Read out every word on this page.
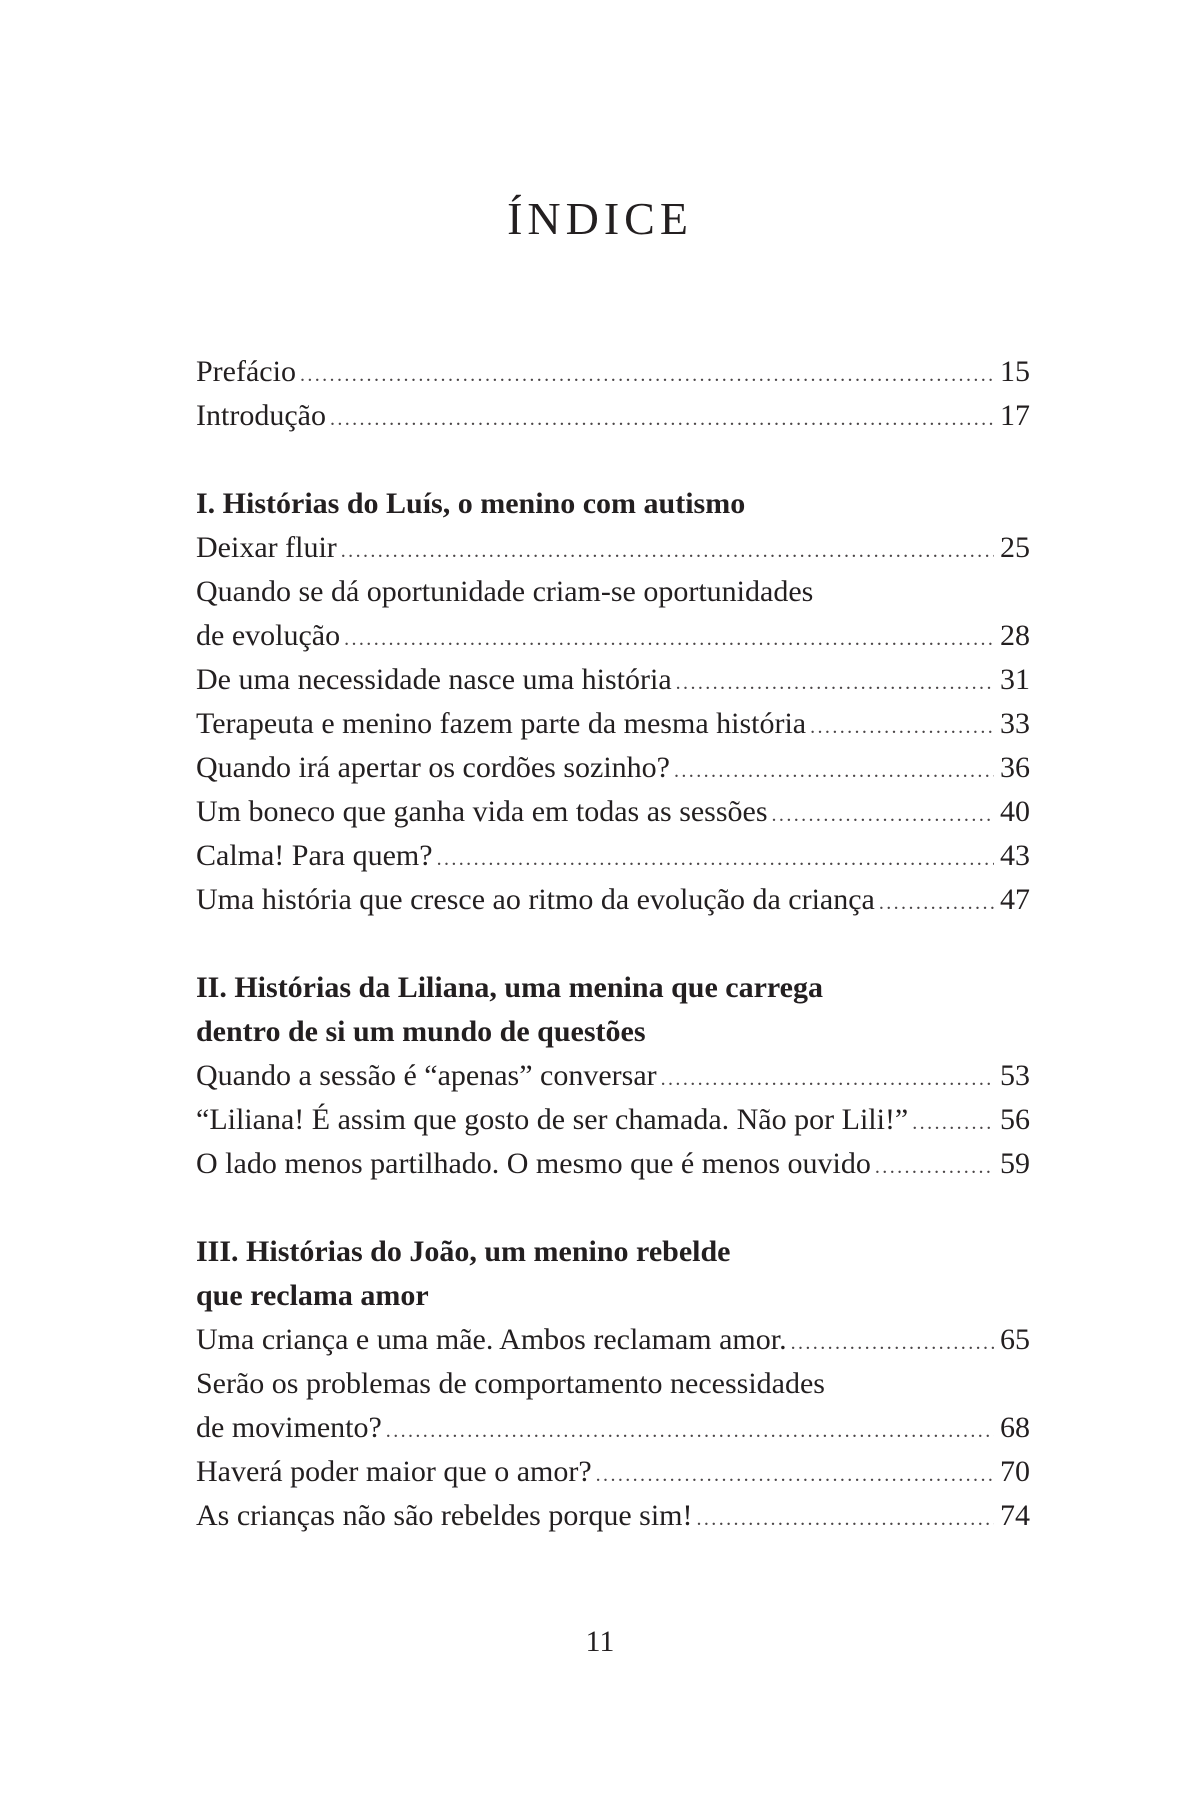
ÍNDICE
Prefácio .....	15
Introdução .....	17
I. Histórias do Luís, o menino com autismo
Deixar fluir .....	25
Quando se dá oportunidade criam-se oportunidades
de evolução .....	28
De uma necessidade nasce uma história .....	31
Terapeuta e menino fazem parte da mesma história .....	33
Quando irá apertar os cordões sozinho? .....	36
Um boneco que ganha vida em todas as sessões .....	40
Calma! Para quem? .....	43
Uma história que cresce ao ritmo da evolução da criança .....	47
II. Histórias da Liliana, uma menina que carrega
dentro de si um mundo de questões
Quando a sessão é “apenas” conversar .....	53
“Liliana! É assim que gosto de ser chamada. Não por Lili!” .....	56
O lado menos partilhado. O mesmo que é menos ouvido .....	59
III. Histórias do João, um menino rebelde
que reclama amor
Uma criança e uma mãe. Ambos reclamam amor. .....	65
Serão os problemas de comportamento necessidades
de movimento? .....	68
Haverá poder maior que o amor? .....	70
As crianças não são rebeldes porque sim! .....	74
11
